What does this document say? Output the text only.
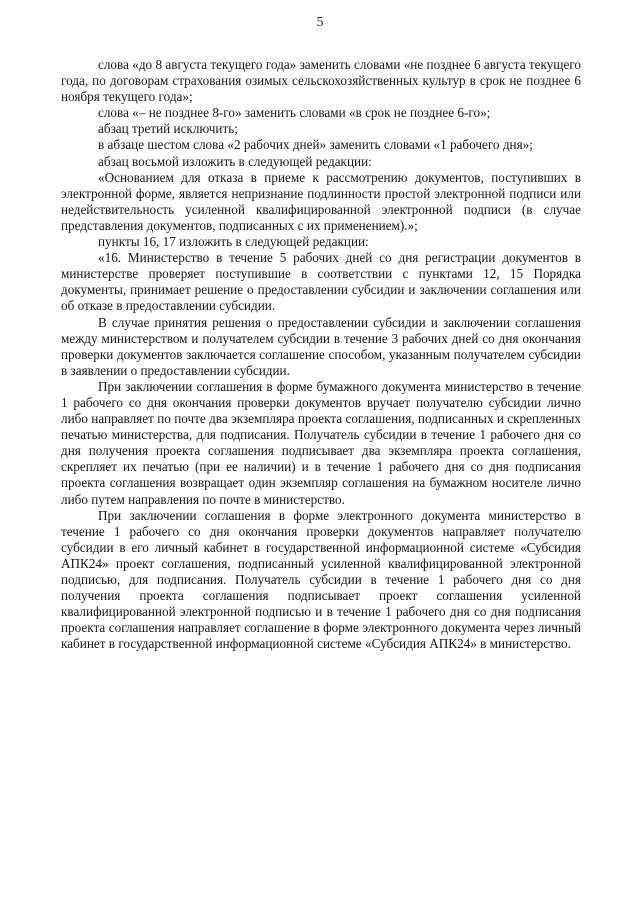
5

слова «до 8 августа текущего года» заменить словами «не позднее 6 августа текущего года, по договорам страхования озимых сельскохозяйственных культур в срок не позднее 6 ноября текущего года»;

слова «– не позднее 8-го» заменить словами «в срок не позднее 6-го»;

абзац третий исключить;

в абзаце шестом слова «2 рабочих дней» заменить словами «1 рабочего дня»;

абзац восьмой изложить в следующей редакции:

«Основанием для отказа в приеме к рассмотрению документов, поступивших в электронной форме, является непризнание подлинности простой электронной подписи или недействительность усиленной квалифицированной электронной подписи (в случае представления документов, подписанных с их применением).»;

пункты 16, 17 изложить в следующей редакции:

«16. Министерство в течение 5 рабочих дней со дня регистрации документов в министерстве проверяет поступившие в соответствии с пунктами 12, 15 Порядка документы, принимает решение о предоставлении субсидии и заключении соглашения или об отказе в предоставлении субсидии.

В случае принятия решения о предоставлении субсидии и заключении соглашения между министерством и получателем субсидии в течение 3 рабочих дней со дня окончания проверки документов заключается соглашение способом, указанным получателем субсидии в заявлении о предоставлении субсидии.

При заключении соглашения в форме бумажного документа министерство в течение 1 рабочего со дня окончания проверки документов вручает получателю субсидии лично либо направляет по почте два экземпляра проекта соглашения, подписанных и скрепленных печатью министерства, для подписания. Получатель субсидии в течение 1 рабочего дня со дня получения проекта соглашения подписывает два экземпляра проекта соглашения, скрепляет их печатью (при ее наличии) и в течение 1 рабочего дня со дня подписания проекта соглашения возвращает один экземпляр соглашения на бумажном носителе лично либо путем направления по почте в министерство.

При заключении соглашения в форме электронного документа министерство в течение 1 рабочего со дня окончания проверки документов направляет получателю субсидии в его личный кабинет в государственной информационной системе «Субсидия АПК24» проект соглашения, подписанный усиленной квалифицированной электронной подписью, для подписания. Получатель субсидии в течение 1 рабочего дня со дня получения проекта соглашения подписывает проект соглашения усиленной квалифицированной электронной подписью и в течение 1 рабочего дня со дня подписания проекта соглашения направляет соглашение в форме электронного документа через личный кабинет в государственной информационной системе «Субсидия АПК24» в министерство.
